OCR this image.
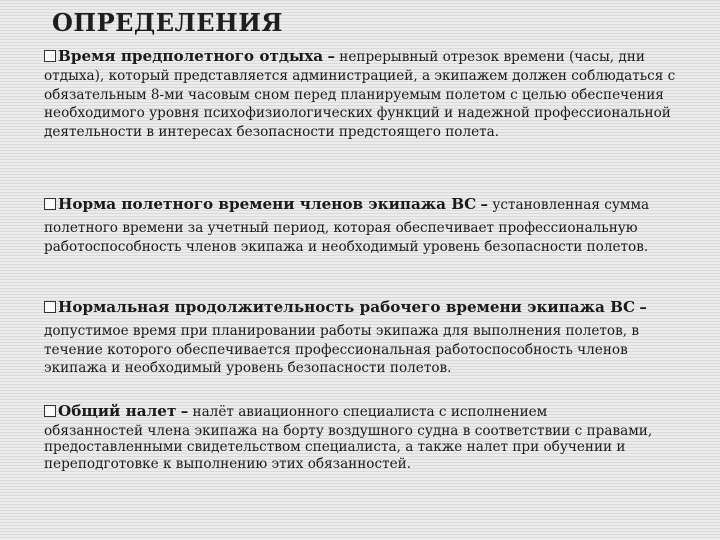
ОПРЕДЕЛЕНИЯ
Время предполетного отдыха – непрерывный отрезок времени (часы, дни
отдыха), который представляется администрацией, а экипажем должен соблюдаться с обязательным 8-ми часовым сном перед планируемым полетом с целью обеспечения необходимого уровня психофизиологических функций и надежной профессиональной деятельности в интересах безопасности предстоящего полета.
Норма полетного времени членов экипажа ВС – установленная сумма
полетного времени за учетный период, которая обеспечивает профессиональную работоспособность членов экипажа и необходимый уровень безопасности полетов.
Нормальная продолжительность рабочего времени экипажа ВС –
допустимое время при планировании работы экипажа для выполнения полетов, в течение которого обеспечивается профессиональная работоспособность членов экипажа и необходимый уровень безопасности полетов.
Общий налет – налёт авиационного специалиста с исполнением
обязанностей члена экипажа на борту воздушного судна в соответствии с правами, предоставленными свидетельством специалиста, а также налет при обучении и переподготовке к выполнению этих обязанностей.
